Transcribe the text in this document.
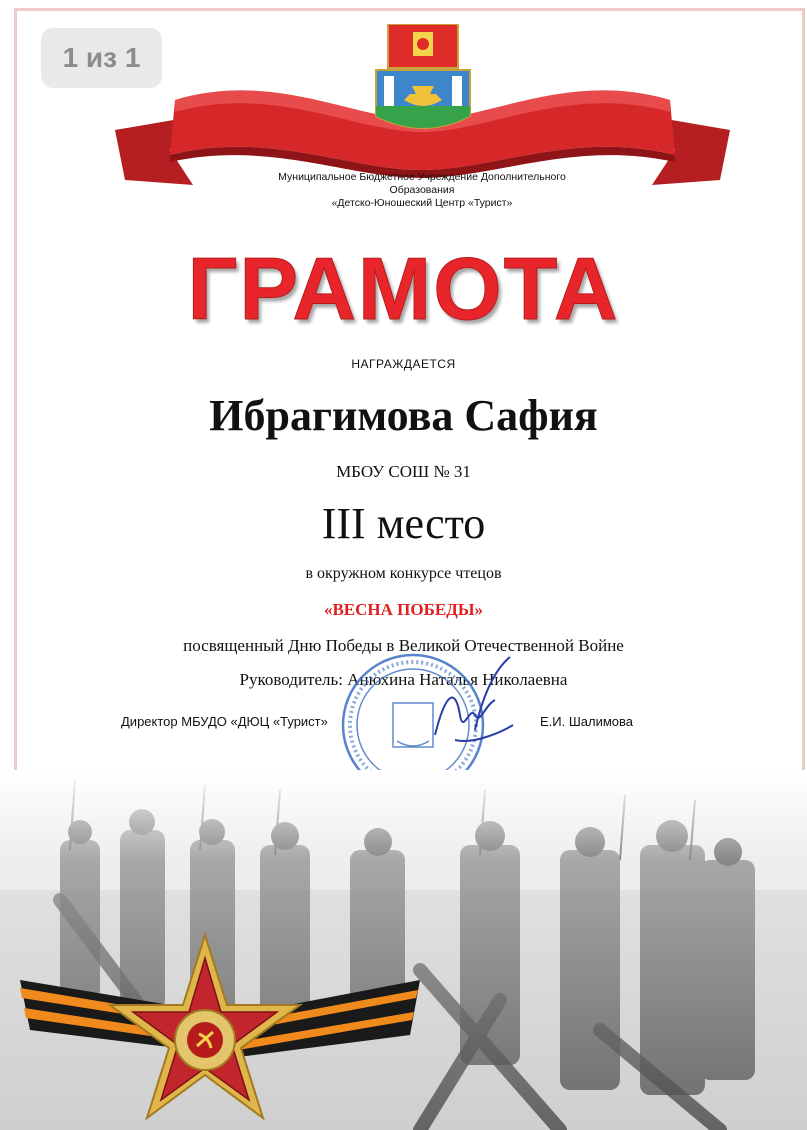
1 из 1
Муниципальное Бюджетное Учреждение Дополнительного
Образования
«Детско-Юношеский Центр «Турист»
ГРАМОТА
НАГРАЖДАЕТСЯ
Ибрагимова Сафия
МБОУ СОШ № 31
III место
в окружном конкурсе чтецов
«ВЕСНА ПОБЕДЫ»
посвященный Дню Победы в Великой Отечественной Войне
Руководитель: Анюхина Наталья Николаевна
Директор МБУДО «ДЮЦ «Турист»	Е.И. Шалимова
